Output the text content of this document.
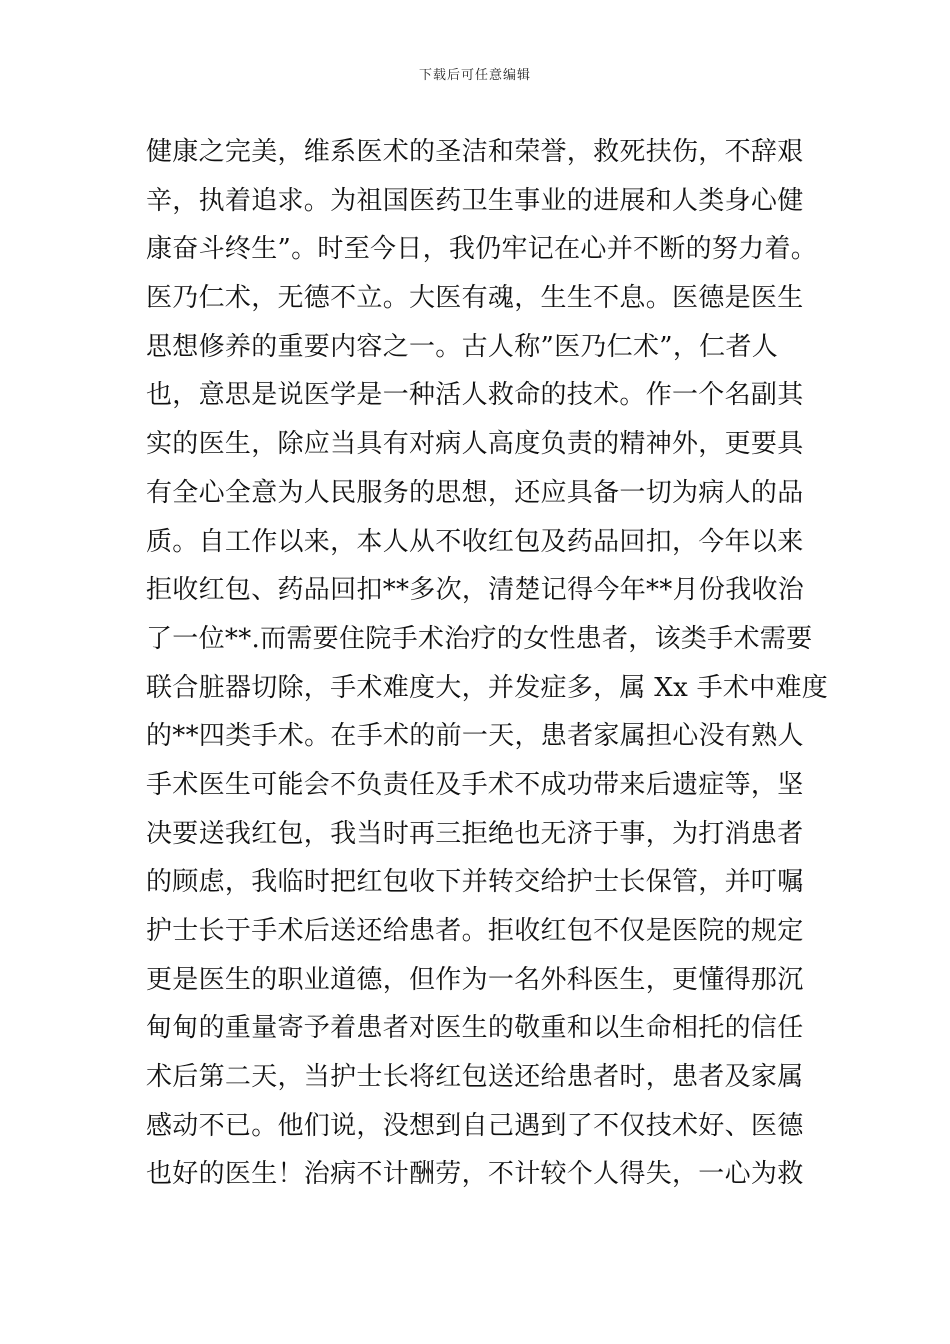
下载后可任意编辑
健康之完美，维系医术的圣洁和荣誉，救死扶伤，不辞艰
辛，执着追求。为祖国医药卫生事业的进展和人类身心健
康奋斗终生”。时至今日，我仍牢记在心并不断的努力着。
医乃仁术，无德不立。大医有魂，生生不息。医德是医生
思想修养的重要内容之一。古人称”医乃仁术”，仁者人
也，意思是说医学是一种活人救命的技术。作一个名副其
实的医生，除应当具有对病人高度负责的精神外，更要具
有全心全意为人民服务的思想，还应具备一切为病人的品
质。自工作以来，本人从不收红包及药品回扣，今年以来
拒收红包、药品回扣**多次，清楚记得今年**月份我收治
了一位**.而需要住院手术治疗的女性患者，该类手术需要
联合脏器切除，手术难度大，并发症多，属 Xx 手术中难度
的**四类手术。在手术的前一天，患者家属担心没有熟人
手术医生可能会不负责任及手术不成功带来后遗症等，坚
决要送我红包，我当时再三拒绝也无济于事，为打消患者
的顾虑，我临时把红包收下并转交给护士长保管，并叮嘱
护士长于手术后送还给患者。拒收红包不仅是医院的规定
更是医生的职业道德，但作为一名外科医生，更懂得那沉
甸甸的重量寄予着患者对医生的敬重和以生命相托的信任
术后第二天，当护士长将红包送还给患者时，患者及家属
感动不已。他们说，没想到自己遇到了不仅技术好、医德
也好的医生！治病不计酬劳，不计较个人得失，一心为救
